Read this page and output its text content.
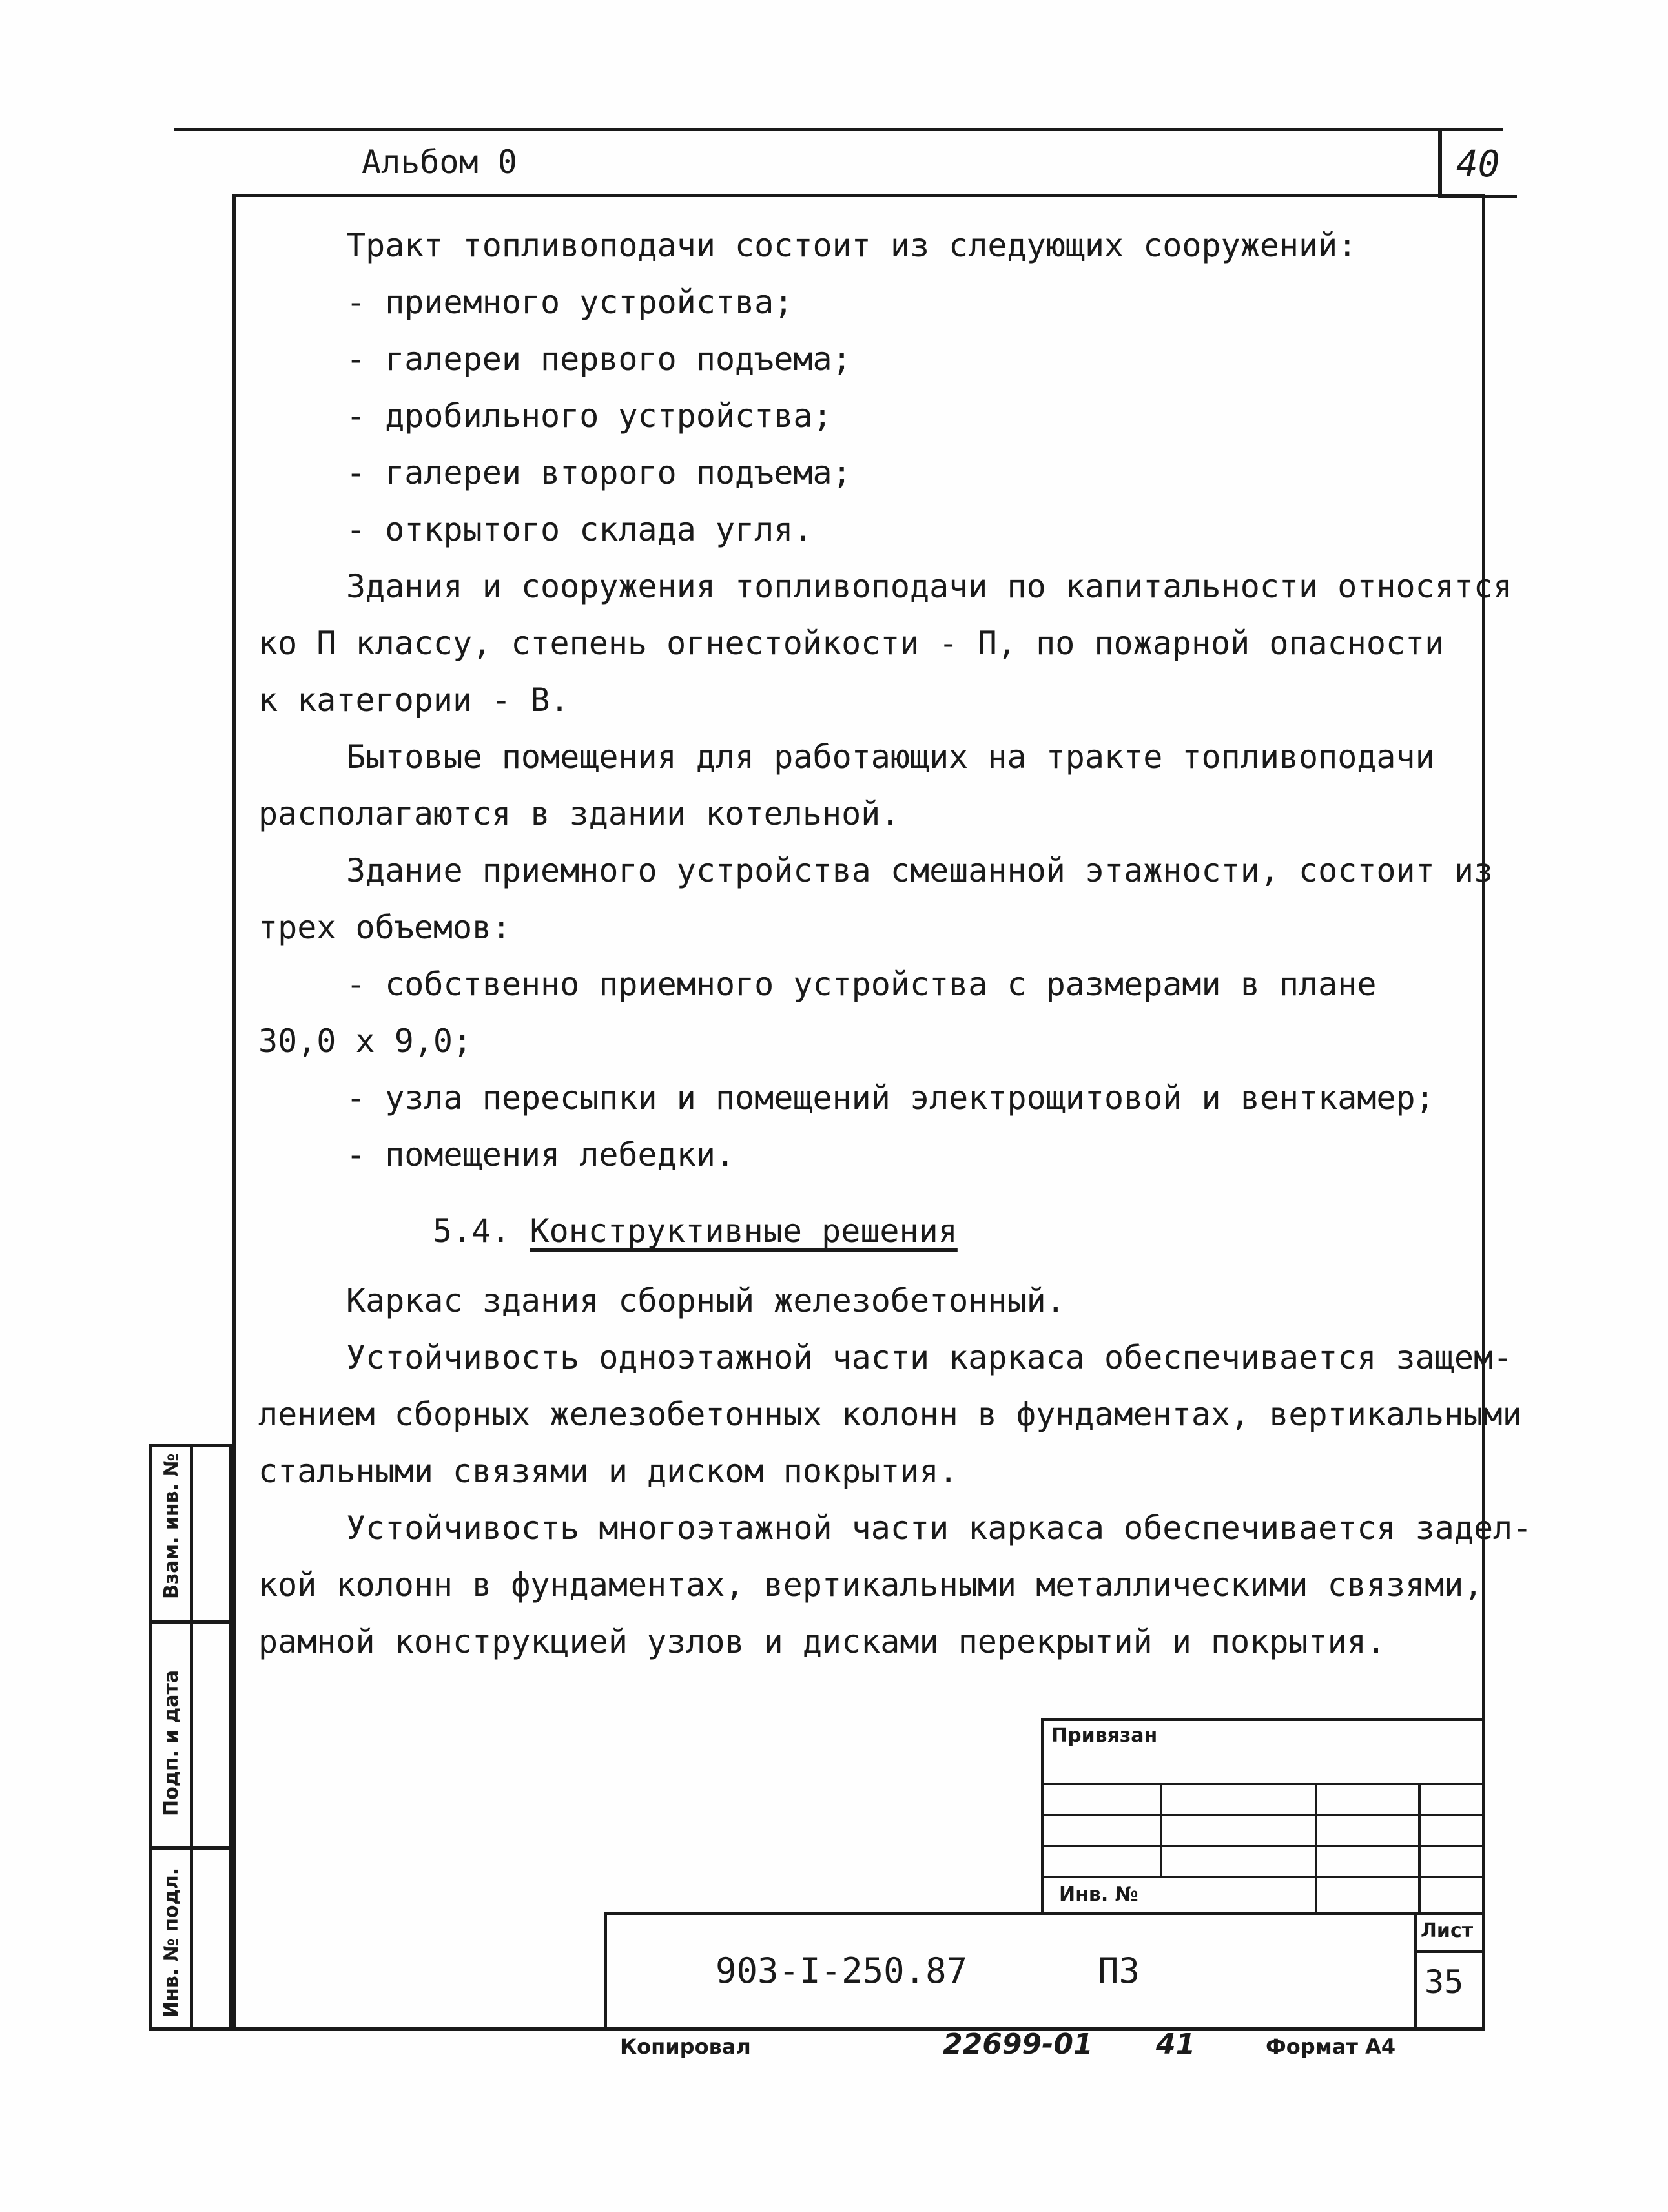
Альбом 0	40

Тракт топливоподачи состоит из следующих сооружений:

- приемного устройства;

- галереи первого подъема;

- дробильного устройства;

- галереи второго подъема;

- открытого склада угля.

Здания и сооружения топливоподачи по капитальности относятся

ко П классу, степень огнестойкости - П, по пожарной опасности

к категории - В.

Бытовые помещения для работающих на тракте топливоподачи

располагаются в здании котельной.

Здание приемного устройства смешанной этажности, состоит из

трех объемов:

- собственно приемного устройства с размерами в плане

30,0 х 9,0;

- узла пересыпки и помещений электрощитовой и венткамер;

- помещения лебедки.

5.4. Конструктивные решения

Каркас здания сборный железобетонный.

Устойчивость одноэтажной части каркаса обеспечивается защем-

лением сборных железобетонных колонн в фундаментах, вертикальными

стальными связями и диском покрытия.

Устойчивость многоэтажной части каркаса обеспечивается задел-

кой колонн в фундаментах, вертикальными металлическими связями,

рамной конструкцией узлов и дисками перекрытий и покрытия.

Взам. инв. №
Подп. и дата
Инв. № подл.
Привязан
Инв. №
903-I-250.87	ПЗ
Лист
35
Копировал	22699-01 41	Формат А4
